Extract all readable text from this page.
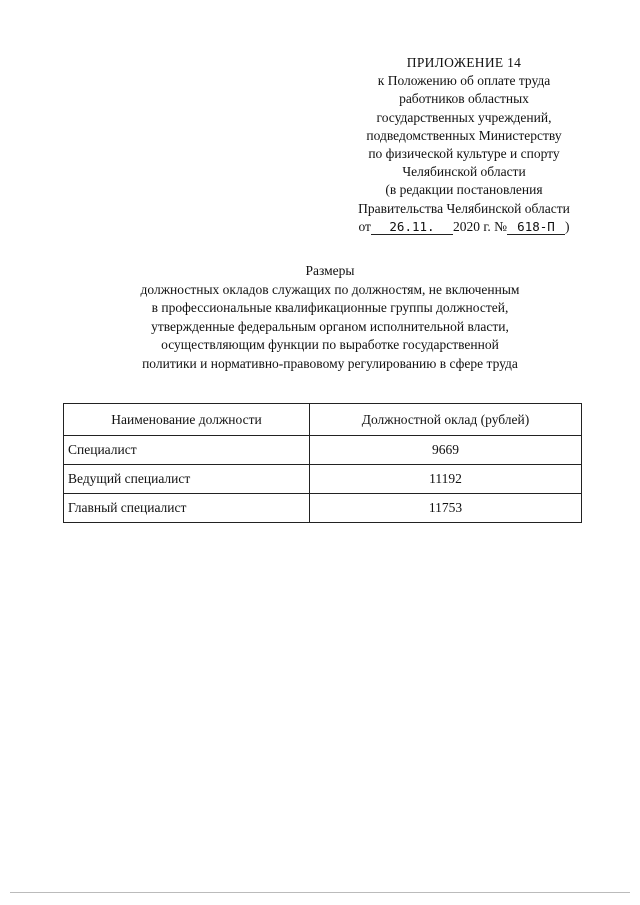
ПРИЛОЖЕНИЕ 14
к Положению об оплате труда
работников областных
государственных учреждений,
подведомственных Министерству
по физической культуре и спорту
Челябинской области
(в редакции постановления
Правительства Челябинской области
от 26.11. 2020 г. № 618-П )
Размеры
должностных окладов служащих по должностям, не включенным
в профессиональные квалификационные группы должностей,
утвержденные федеральным органом исполнительной власти,
осуществляющим функции по выработке государственной
политики и нормативно-правовому регулированию в сфере труда
Наименование должности	Должностной оклад (рублей)
Специалист	9669
Ведущий специалист	11192
Главный специалист	11753
